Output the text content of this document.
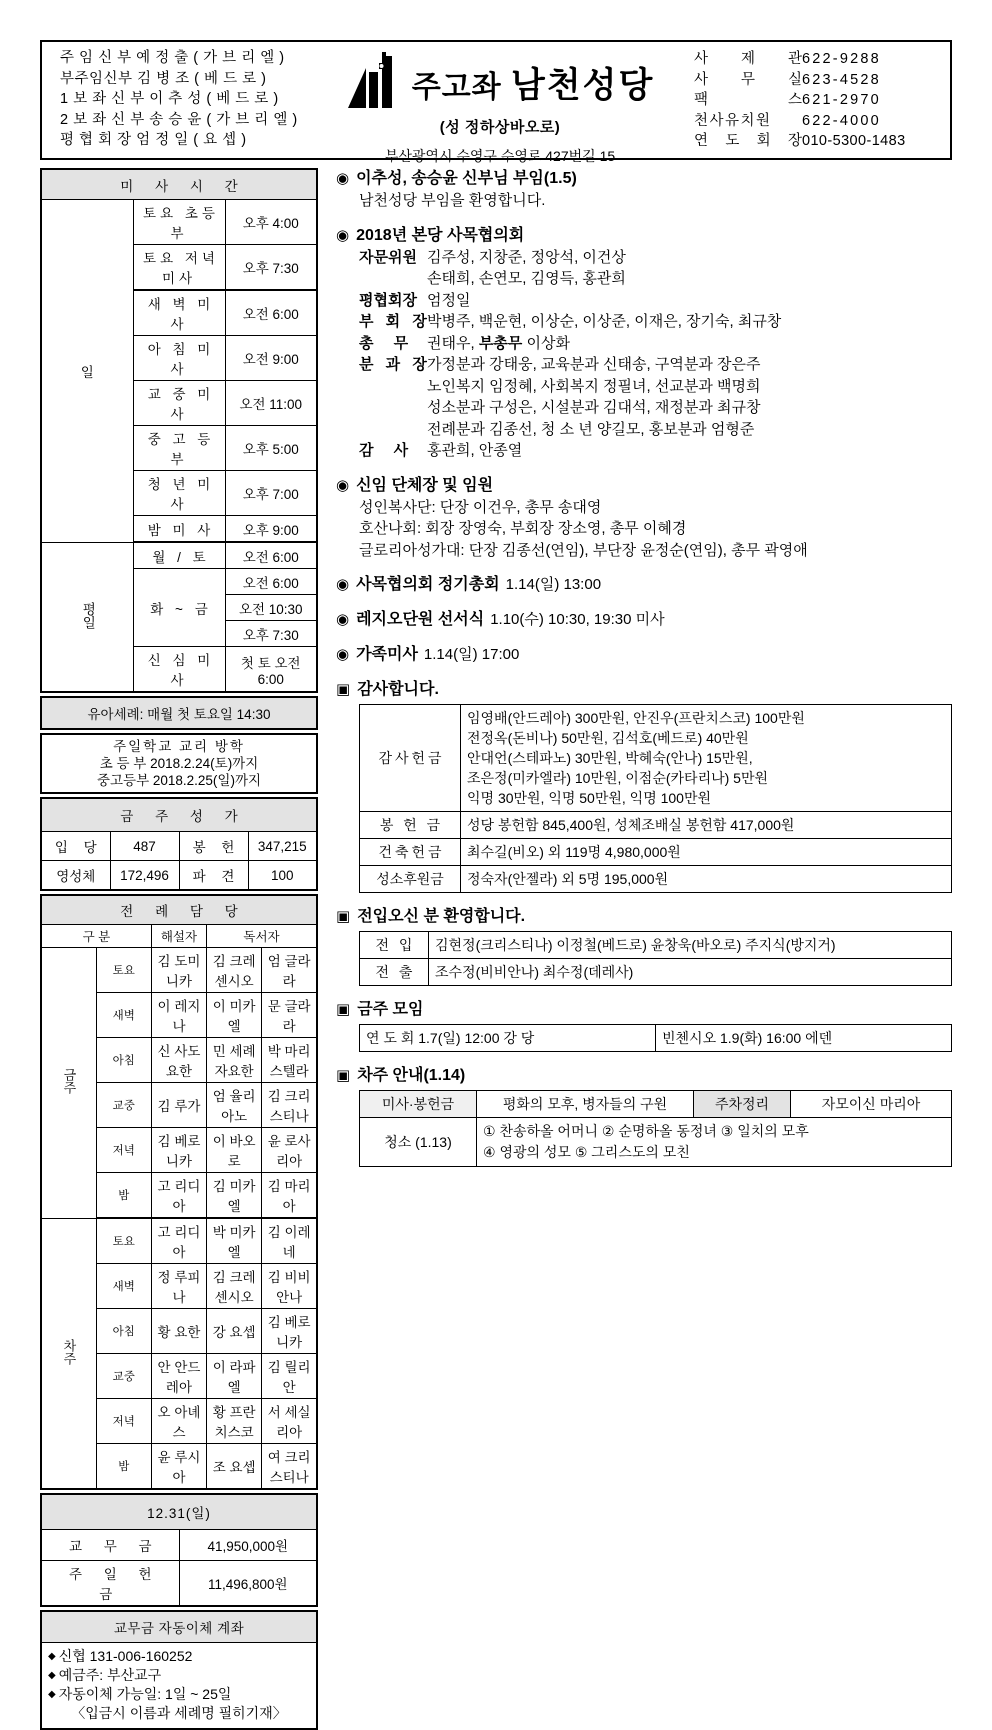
주 임 신 부 예 정 출 ( 가 브 리 엘 )
부주임신부 김 병 조 ( 베 드 로 )
1 보 좌 신 부 이 추 성 ( 베 드 로 )
2 보 좌 신 부 송 승 윤 ( 가 브 리 엘 )
평 협 회 장 엄 정 일 ( 요 셉 )
주고좌 남천성당
(성 정하상바오로)
부산광역시 수영구 수영로 427번길 15
사 제 관 622-9288
사 무 실 623-4528
팩	스 621-2970
천사유치원	622-4000
연 도 회 장 010-5300-1483
미 사 시 간		
일	토요 초등부	오후 4:00
	토요 저녁미사	오후 7:30
	새 벽 미 사	오전 6:00
	아 침 미 사	오전 9:00
	교 중 미 사	오전 11:00
	중 고 등 부	오후 5:00
	청 년 미 사	오후 7:00
	밤 미 사	오후 9:00
평일	월 / 토	오전 6:00
	화 ~ 금	오전 6:00
		오전 10:30
		오후 7:30
	신 심 미 사	첫 토 오전 6:00
유아세례: 매월 첫 토요일 14:30
주일학교 교리 방학
초 등 부 2018.2.24(토)까지
중고등부 2018.2.25(일)까지
금 주 성 가			
입 당	487	봉 헌	347,215
영성체	172,496	파 견	100
전 례 담 당				
구 분		해설자	독서자	
금주	토요	김 도미니카	김 크레센시오	엄 글라라
	새벽	이 레지나	이 미카엘	문 글라라
	아침	신 사도요한	민 세례자요한	박 마리스텔라
	교중	김 루가	엄 율리아노	김 크리스티나
	저녁	김 베로니카	이 바오로	윤 로사리아
	밤	고 리디아	김 미카엘	김 마리아
차주	토요	고 리디아	박 미카엘	김 이레네
	새벽	정 루피나	김 크레센시오	김 비비안나
	아침	황 요한	강 요셉	김 베로니카
	교중	안 안드레아	이 라파엘	김 릴리안
	저녁	오 아녜스	황 프란치스코	서 세실리아
	밤	윤 루시아	조 요셉	여 크리스티나
12.31(일)	
교 무 금	41,950,000원
주 일 헌 금	11,496,800원
교무금 자동이체 계좌
◆ 신협 131-006-160252
◆ 예금주: 부산교구
◆ 자동이체 가능일: 1일 ~ 25일
〈입금시 이름과 세례명 필히기재〉
◉ 이추성, 송승윤 신부님 부임(1.5)
남천성당 부임을 환영합니다.
◉ 2018년 본당 사목협의회
자문위원 김주성, 지창준, 정앙석, 이건상
손태희, 손연모, 김영득, 홍관희
평협회장 엄정일
부 회 장박병주, 백운현, 이상순, 이상준, 이재은, 장기숙, 최규창
총 무 권태우, 부총무 이상화
분 과 장가정분과 강태웅, 교육분과 신태송, 구역분과 장은주
노인복지 임정혜, 사회복지 정필녀, 선교분과 백명희
성소분과 구성은, 시설분과 김대석, 재정분과 최규창
전례분과 김종선, 청 소 년 양길모, 홍보분과 엄형준
감 사 홍관희, 안종열
◉ 신임 단체장 및 임원
성인복사단: 단장 이건우, 총무 송대영
호산나회: 회장 장영숙, 부회장 장소영, 총무 이혜경
글로리아성가대: 단장 김종선(연임), 부단장 윤정순(연임), 총무 곽영애
◉ 사목협의회 정기총회 1.14(일) 13:00
◉ 레지오단원 선서식 1.10(수) 10:30, 19:30 미사
◉ 가족미사 1.14(일) 17:00
▣ 감사합니다.
감사헌금	임영배(안드레아) 300만원, 안진우(프란치스코) 100만원
전정옥(돈비나) 50만원, 김석호(베드로) 40만원
안대언(스테파노) 30만원, 박혜숙(안나) 15만원,
조은정(미카엘라) 10만원, 이점순(카타리나) 5만원
익명 30만원, 익명 50만원, 익명 100만원

봉 헌 금	성당 봉헌함 845,400원, 성체조배실 봉헌함 417,000원
건축헌금	최수길(비오) 외 119명 4,980,000원
성소후원금	정숙자(안젤라) 외 5명 195,000원
▣ 전입오신 분 환영합니다.
전 입	김현정(크리스티나) 이정철(베드로) 윤창욱(바오로) 주지식(방지거)
전 출	조수정(비비안나) 최수정(데레사)
▣ 금주 모임
연 도 회 1.7(일) 12:00 강 당	빈첸시오 1.9(화) 16:00 에덴
▣ 차주 안내(1.14)
미사·봉헌금	평화의 모후, 병자들의 구원	주차정리	자모이신 마리아
청소 (1.13)	① 찬송하올 어머니 ② 순명하올 동정녀 ③ 일치의 모후
④ 영광의 성모 ⑤ 그리스도의 모친		
